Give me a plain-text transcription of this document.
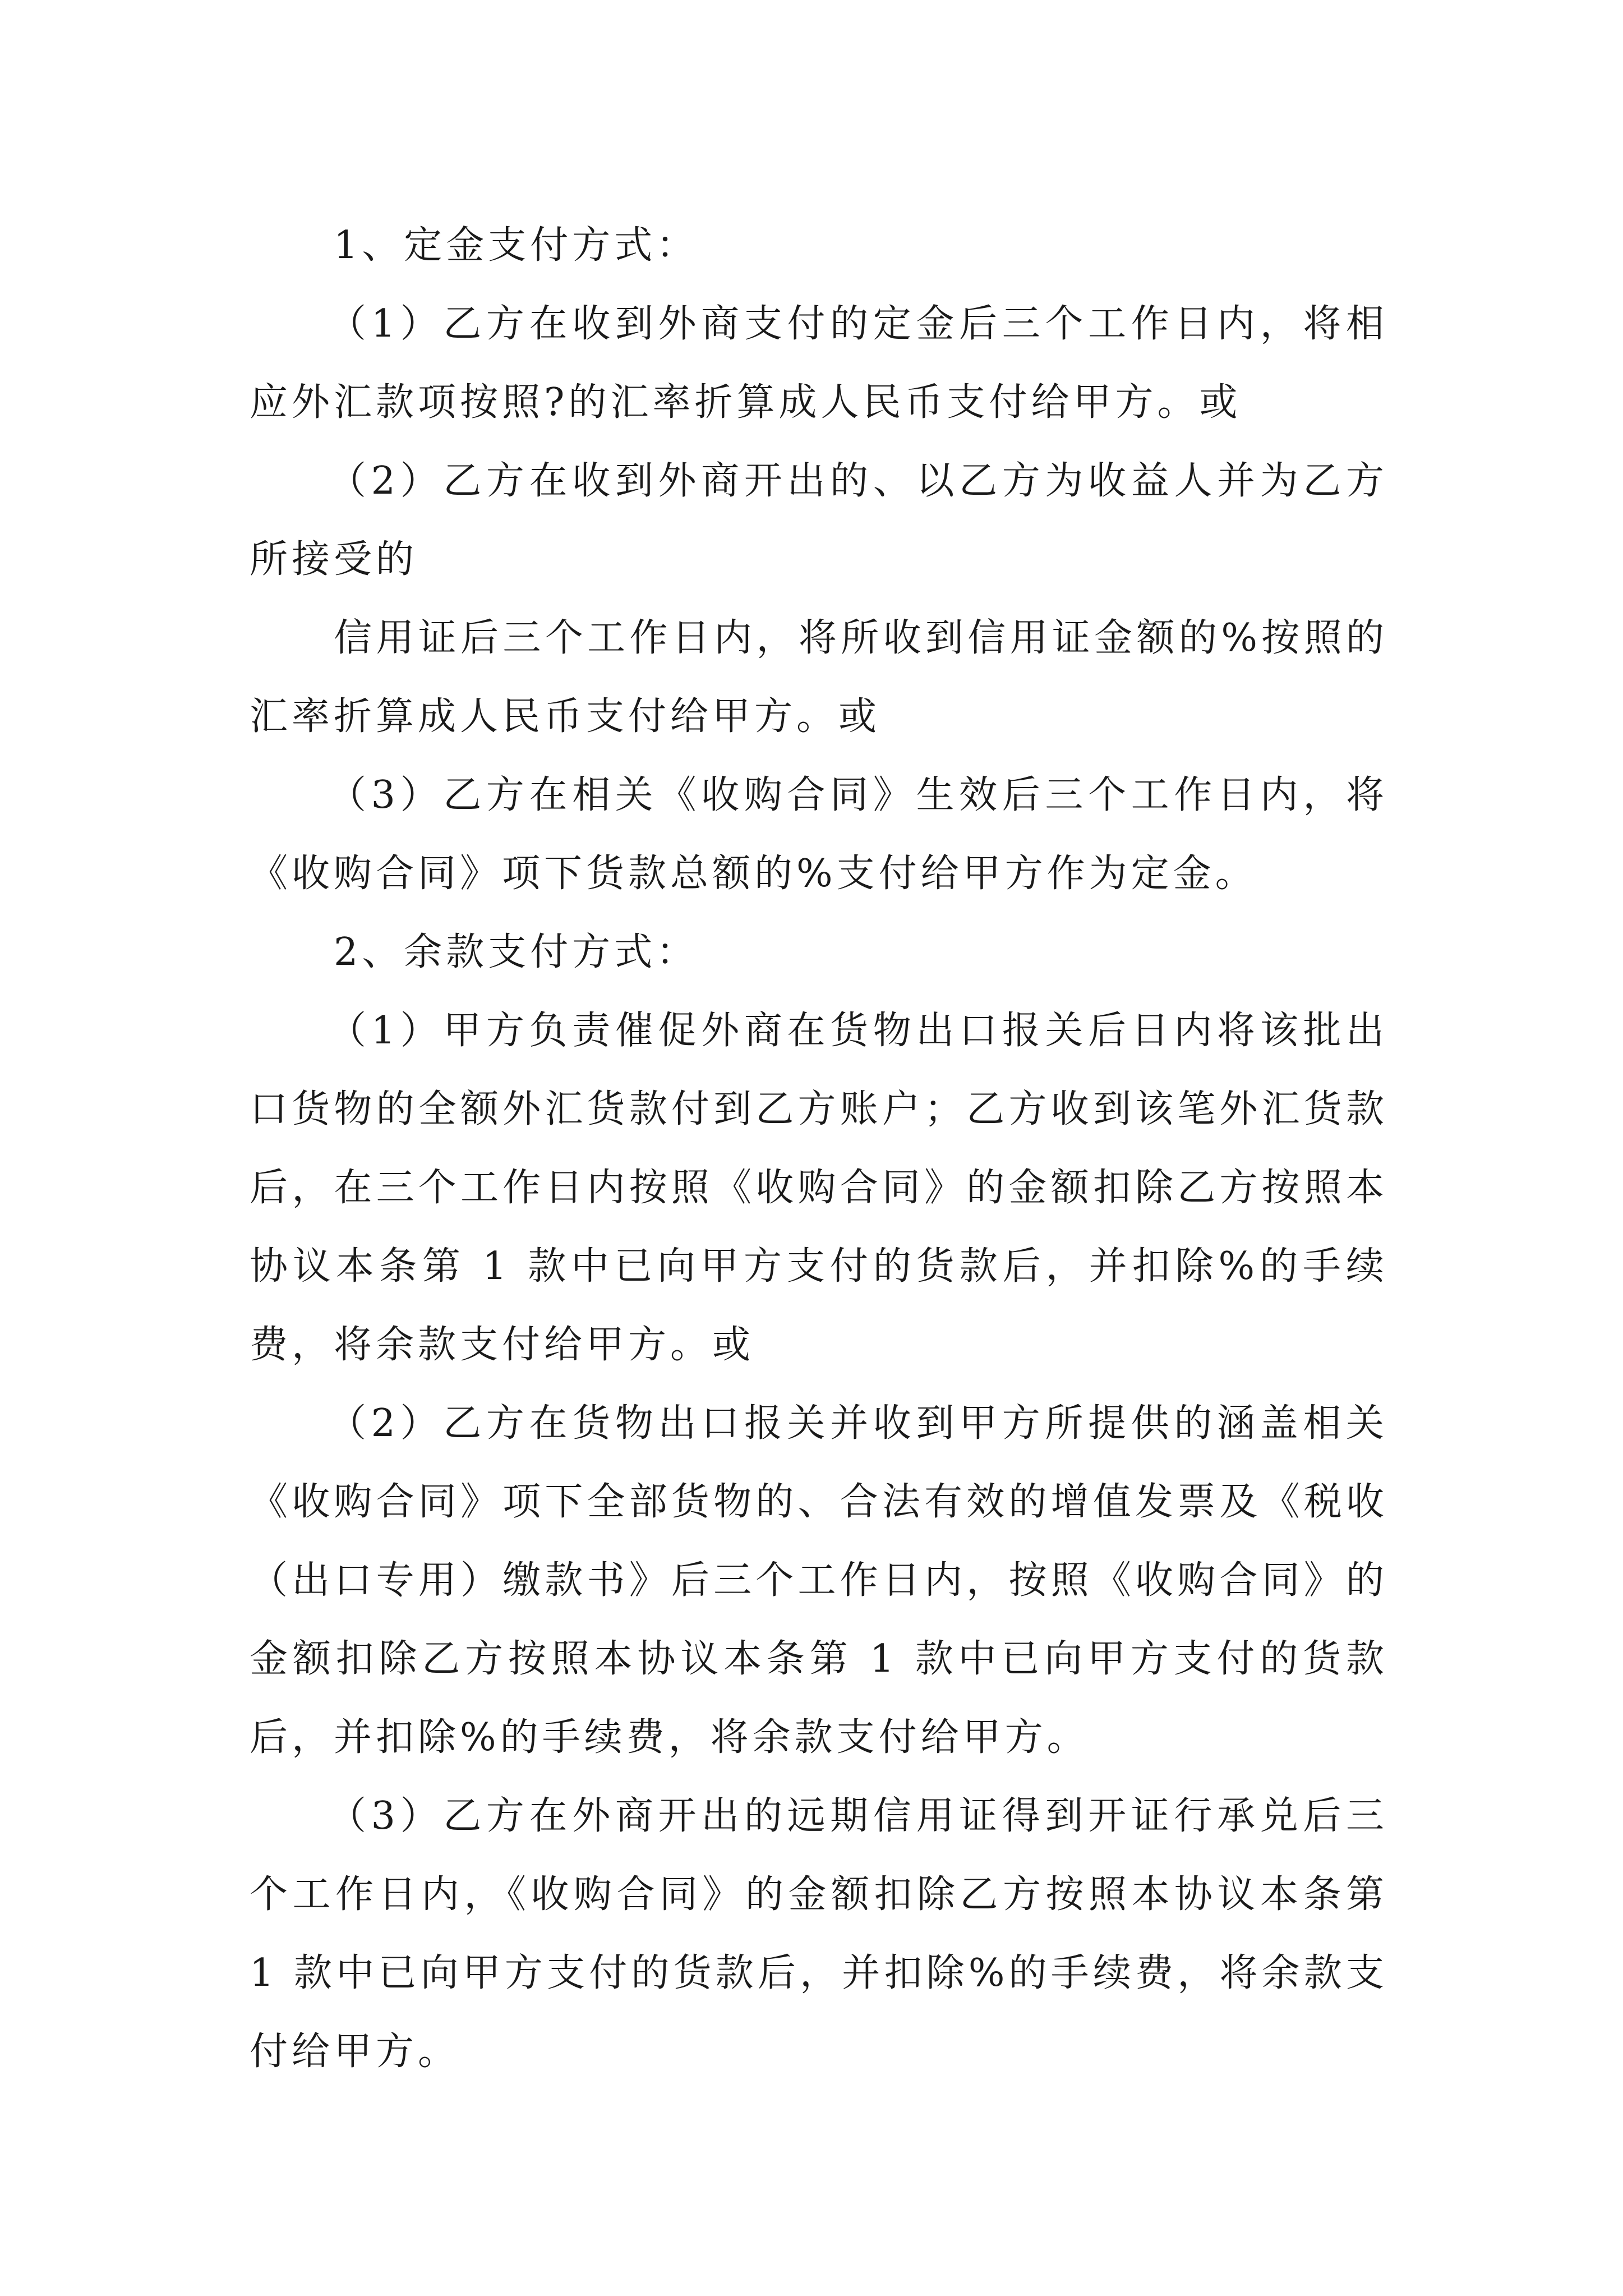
1、定金支付方式：

（1）乙方在收到外商支付的定金后三个工作日内，将相应外汇款项按照?的汇率折算成人民币支付给甲方。或

（2）乙方在收到外商开出的、以乙方为收益人并为乙方所接受的

信用证后三个工作日内，将所收到信用证金额的%按照的汇率折算成人民币支付给甲方。或

（3）乙方在相关《收购合同》生效后三个工作日内，将《收购合同》项下货款总额的%支付给甲方作为定金。

2、余款支付方式：

（1）甲方负责催促外商在货物出口报关后日内将该批出口货物的全额外汇货款付到乙方账户；乙方收到该笔外汇货款后，在三个工作日内按照《收购合同》的金额扣除乙方按照本协议本条第 1 款中已向甲方支付的货款后，并扣除%的手续费，将余款支付给甲方。或

（2）乙方在货物出口报关并收到甲方所提供的涵盖相关《收购合同》项下全部货物的、合法有效的增值发票及《税收（出口专用）缴款书》后三个工作日内，按照《收购合同》的金额扣除乙方按照本协议本条第 1 款中已向甲方支付的货款后，并扣除%的手续费，将余款支付给甲方。

（3）乙方在外商开出的远期信用证得到开证行承兑后三个工作日内，《收购合同》的金额扣除乙方按照本协议本条第 1 款中已向甲方支付的货款后，并扣除%的手续费，将余款支付给甲方。
